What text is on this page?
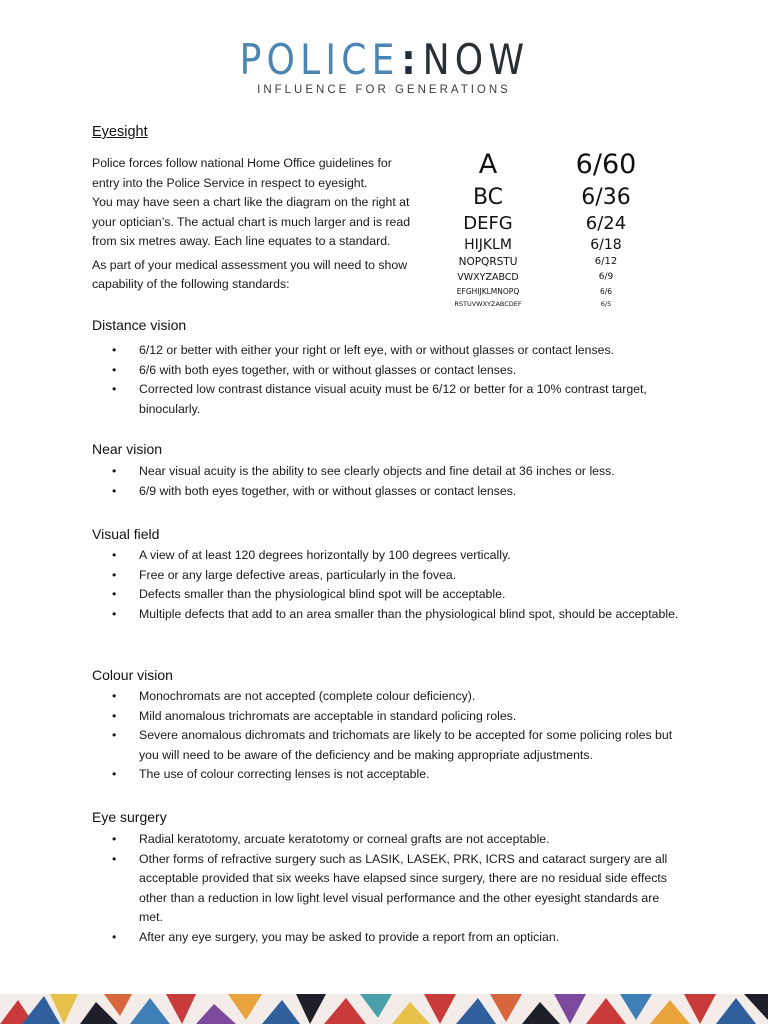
POLICE:NOW
INFLUENCE FOR GENERATIONS
Eyesight

Police forces follow national Home Office guidelines for entry into the Police Service in respect to eyesight.

You may have seen a chart like the diagram on the right at your optician’s. The actual chart is much larger and is read from six metres away. Each line equates to a standard.

As part of your medical assessment you will need to show capability of the following standards:

A	6/60
BC	6/36
DEFG	6/24
HIJKLM	6/18
NOPQRSTU	6/12
VWXYZABCD	6/9
EFGHIJKLMNOPQ	6/6
RSTUVWXYZABCDEF	6/5
Distance vision
• 6/12 or better with either your right or left eye, with or without glasses or contact lenses.
• 6/6 with both eyes together, with or without glasses or contact lenses.
• Corrected low contrast distance visual acuity must be 6/12 or better for a 10% contrast target, binocularly.
Near vision
• Near visual acuity is the ability to see clearly objects and fine detail at 36 inches or less.
• 6/9 with both eyes together, with or without glasses or contact lenses.
Visual field
• A view of at least 120 degrees horizontally by 100 degrees vertically.
• Free or any large defective areas, particularly in the fovea.
• Defects smaller than the physiological blind spot will be acceptable.
• Multiple defects that add to an area smaller than the physiological blind spot, should be acceptable.
Colour vision
• Monochromats are not accepted (complete colour deficiency).
• Mild anomalous trichromats are acceptable in standard policing roles.
• Severe anomalous dichromats and trichomats are likely to be accepted for some policing roles but you will need to be aware of the deficiency and be making appropriate adjustments.
• The use of colour correcting lenses is not acceptable.
Eye surgery
• Radial keratotomy, arcuate keratotomy or corneal grafts are not acceptable.
• Other forms of refractive surgery such as LASIK, LASEK, PRK, ICRS and cataract surgery are all acceptable provided that six weeks have elapsed since surgery, there are no residual side effects other than a reduction in low light level visual performance and the other eyesight standards are met.
• After any eye surgery, you may be asked to provide a report from an optician.
